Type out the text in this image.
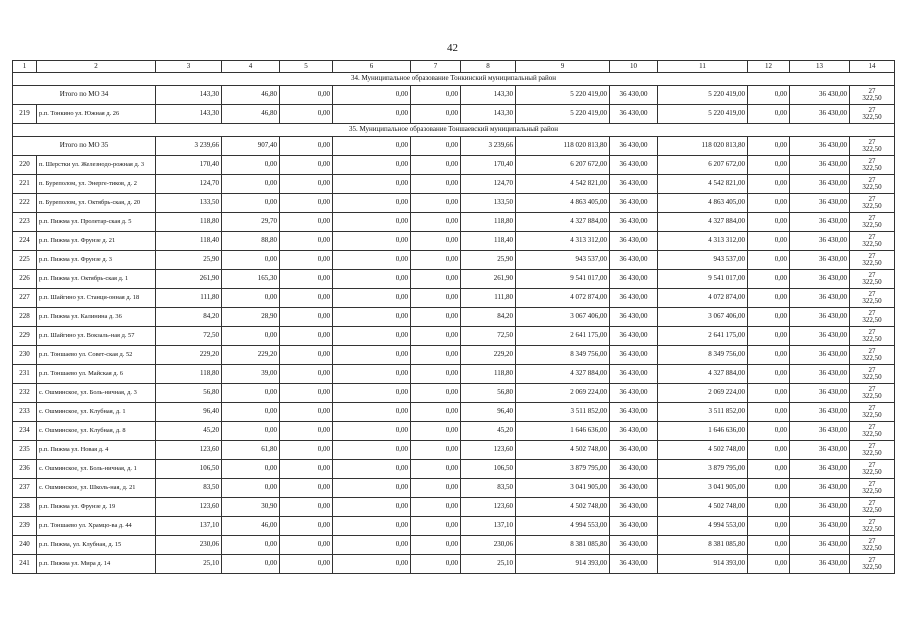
42
1	2	3	4	5	6	7	8	9	10	11	12	13	14
34. Муниципальное образование Тонкинский муниципальный район													
Итого по МО 34		143,30	46,80	0,00	0,00	0,00	143,30	5 220 419,00	36 430,00	5 220 419,00	0,00	36 430,00	27
322,50

219	р.п. Тонкино ул. Южная д. 26	143,30	46,80	0,00	0,00	0,00	143,30	5 220 419,00	36 430,00	5 220 419,00	0,00	36 430,00	27
322,50

35. Муниципальное образование Тоншаевский муниципальный район													
Итого по МО 35		3 239,66	907,40	0,00	0,00	0,00	3 239,66	118 020 813,80	36 430,00	118 020 813,80	0,00	36 430,00	27
322,50

220	п. Шерстки ул. Железнодо-рожная д. 3	170,40	0,00	0,00	0,00	0,00	170,40	6 207 672,00	36 430,00	6 207 672,00	0,00	36 430,00	27
322,50

221	п. Буреполом, ул. Энерге-тиков, д. 2	124,70	0,00	0,00	0,00	0,00	124,70	4 542 821,00	36 430,00	4 542 821,00	0,00	36 430,00	27
322,50

222	п. Буреполом, ул. Октябрь-ская, д. 20	133,50	0,00	0,00	0,00	0,00	133,50	4 863 405,00	36 430,00	4 863 405,00	0,00	36 430,00	27
322,50

223	р.п. Пижма ул. Пролетар-ская д. 5	118,80	29,70	0,00	0,00	0,00	118,80	4 327 884,00	36 430,00	4 327 884,00	0,00	36 430,00	27
322,50

224	р.п. Пижма ул. Фрунзе д. 21	118,40	88,80	0,00	0,00	0,00	118,40	4 313 312,00	36 430,00	4 313 312,00	0,00	36 430,00	27
322,50

225	р.п. Пижма ул. Фрунзе д. 3	25,90	0,00	0,00	0,00	0,00	25,90	943 537,00	36 430,00	943 537,00	0,00	36 430,00	27
322,50

226	р.п. Пижма ул. Октябрь-ская д. 1	261,90	165,30	0,00	0,00	0,00	261,90	9 541 017,00	36 430,00	9 541 017,00	0,00	36 430,00	27
322,50

227	р.п. Шайгино ул. Станци-онная д. 18	111,80	0,00	0,00	0,00	0,00	111,80	4 072 874,00	36 430,00	4 072 874,00	0,00	36 430,00	27
322,50

228	р.п. Пижма ул. Калинина д. 36	84,20	28,90	0,00	0,00	0,00	84,20	3 067 406,00	36 430,00	3 067 406,00	0,00	36 430,00	27
322,50

229	р.п. Шайгино ул. Вокзаль-ная д. 57	72,50	0,00	0,00	0,00	0,00	72,50	2 641 175,00	36 430,00	2 641 175,00	0,00	36 430,00	27
322,50

230	р.п. Тоншаево ул. Совет-ская д. 52	229,20	229,20	0,00	0,00	0,00	229,20	8 349 756,00	36 430,00	8 349 756,00	0,00	36 430,00	27
322,50

231	р.п. Тоншаево ул. Майская д. 6	118,80	39,00	0,00	0,00	0,00	118,80	4 327 884,00	36 430,00	4 327 884,00	0,00	36 430,00	27
322,50

232	с. Ошминское, ул. Боль-ничная, д. 3	56,80	0,00	0,00	0,00	0,00	56,80	2 069 224,00	36 430,00	2 069 224,00	0,00	36 430,00	27
322,50

233	с. Ошминское, ул. Клубная, д. 1	96,40	0,00	0,00	0,00	0,00	96,40	3 511 852,00	36 430,00	3 511 852,00	0,00	36 430,00	27
322,50

234	с. Ошминское, ул. Клубная, д. 8	45,20	0,00	0,00	0,00	0,00	45,20	1 646 636,00	36 430,00	1 646 636,00	0,00	36 430,00	27
322,50

235	р.п. Пижма ул. Новая д. 4	123,60	61,80	0,00	0,00	0,00	123,60	4 502 748,00	36 430,00	4 502 748,00	0,00	36 430,00	27
322,50

236	с. Ошминское, ул. Боль-ничная, д. 1	106,50	0,00	0,00	0,00	0,00	106,50	3 879 795,00	36 430,00	3 879 795,00	0,00	36 430,00	27
322,50

237	с. Ошминское, ул. Школь-ная, д. 21	83,50	0,00	0,00	0,00	0,00	83,50	3 041 905,00	36 430,00	3 041 905,00	0,00	36 430,00	27
322,50

238	р.п. Пижма ул. Фрунзе д. 19	123,60	30,90	0,00	0,00	0,00	123,60	4 502 748,00	36 430,00	4 502 748,00	0,00	36 430,00	27
322,50

239	р.п. Тоншаево ул. Храмцо-ва д. 44	137,10	46,00	0,00	0,00	0,00	137,10	4 994 553,00	36 430,00	4 994 553,00	0,00	36 430,00	27
322,50

240	р.п. Пижма, ул. Клубная, д. 15	230,06	0,00	0,00	0,00	0,00	230,06	8 381 085,80	36 430,00	8 381 085,80	0,00	36 430,00	27
322,50

241	р.п. Пижма ул. Мира д. 14	25,10	0,00	0,00	0,00	0,00	25,10	914 393,00	36 430,00	914 393,00	0,00	36 430,00	27
322,50
